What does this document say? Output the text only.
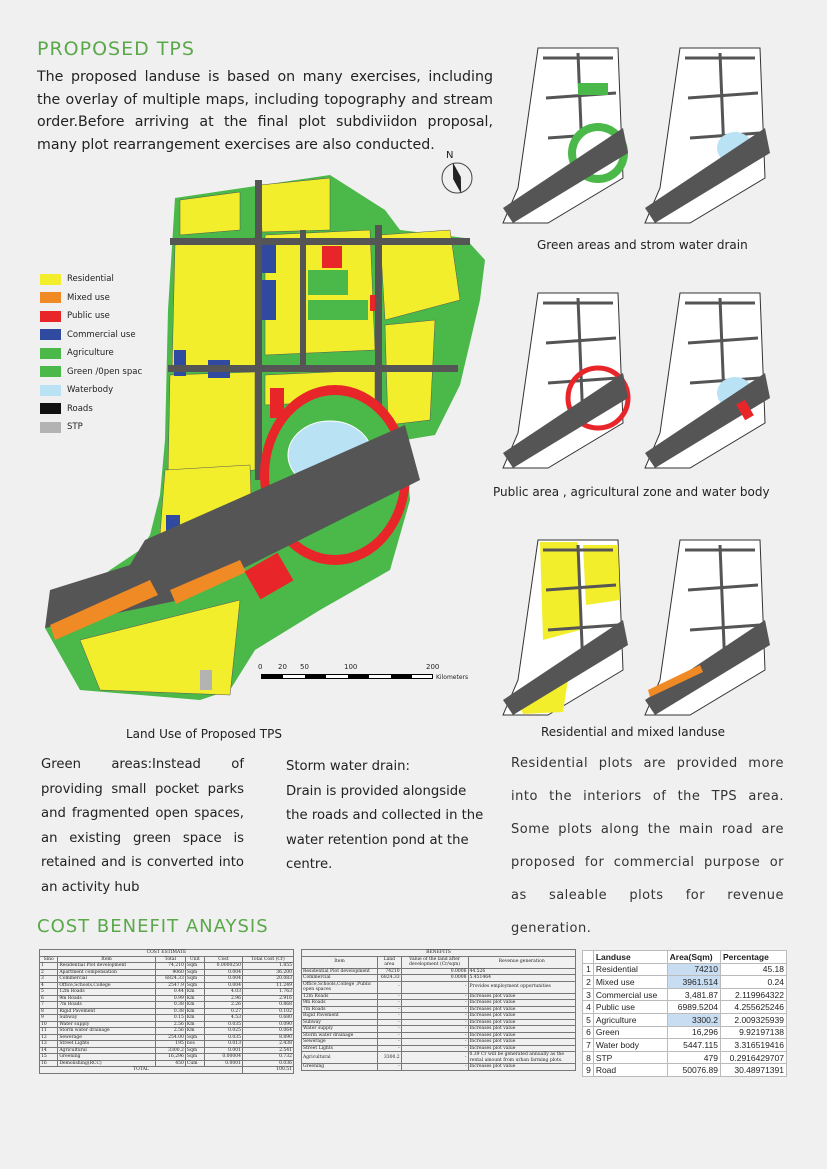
PROPOSED TPS
The proposed landuse is based on many exercises, including the overlay of multiple maps, including topography and stream order.Before arriving at the final plot subdiviidon proposal, many plot rearrangement exercises are also conducted.
Residential
Mixed use
Public use
Commercial use
Agriculture
Green /0pen spac
Waterbody
Roads
STP
N
0 20 50	100	200
Kilometers
Land Use of Proposed TPS
Green areas and strom water drain
Public area , agricultural zone and water body
Residential and mixed landuse
Green areas:Instead of providing small pocket parks and fragmented open spaces, an existing green space is retained and is converted into an activity hub
Storm water drain:
Drain is provided alongside the roads and collected in the water retention pond at the centre.
Residential plots are provided more into the interiors of the TPS area. Some plots along the main road are proposed for commercial purpose or as saleable plots for revenue generation.
COST BENEFIT ANAYSIS
COST ESTIMATE					
Slno	Item	Total	Unit	Cost	Total Cost (Cr)
1	Residential Plot development	74,210	Sqm	0.0000250	1.855
2	Apartment compensation	9060	Sqm	0.004	36.200
3	Commercial	6824.33	Sqm	0.004	20.083
4	Office,Schools,College	2547.9	Sqm	0.004	11.249
5	12m Roads	0.44	Km	4.03	1.763
6	9m Roads	0.99	Km	2.96	2.916
7	7m Roads	0.38	Km	2.26	0.868
8	Rigid Pavement	0.38	Km	0.27	0.102
9	Subway	0.15	Km	4.53	0.680
10	Water supply	2.56	Km	0.035	0.090
11	Storm water drainage	2.56	Km	0.025	0.064
12	Sewerage	254.00	Sqm	0.035	8.890
13	Street Lights	195	nos	0.013	2.438
14	Agricultural	3300.2	Sqm	0.001	2.541
15	Greening	16,296	Sqm	0.00004	0.732
16	Demolishing(RCC)	450	Cum	0.0001	0.036
TOTAL					100.51
BENEFITS			
Item	Land area	Value of the land after development (Cr/sqm)	Revenue generation
Residential Plot development	74210	0.0006	44.526
Commercial	6824.33	0.0008	5.451464
Office,Schools,College ,Public open spaces	-	-	Provides employment opportunities
12m Roads	-	-	Increases plot value
9m Roads	-	-	Increases plot value
7m Roads	-	-	Increases plot value
Rigid Pavement	-	-	Increases plot value
Subway	-	-	Increases plot value
Water supply	-	-	Increases plot value
Storm water drainage	-	-	Increases plot value
Sewerage	-	-	Increases plot value
Street Lights	-	-	Increases plot value
Agricultural	3300.2	-	0.39 Cr will be generated annually as the rental amount from urban farming plots.
Greening	-	-	Increases plot value
	Landuse	Area(Sqm)	Percentage
1	Residential	74210	45.18
2	Mixed use	3961.514	0.24
3	Commercial use	3,481.87	2.119964322
4	Public use	6989.5204	4.255625246
5	Agriculture	3300.2	2.009325939
6	Green	16,296	9.92197138
7	Water body	5447.115	3.316519416
8	STP	479	0.2916429707
9	Road	50076.89	30.48971391
